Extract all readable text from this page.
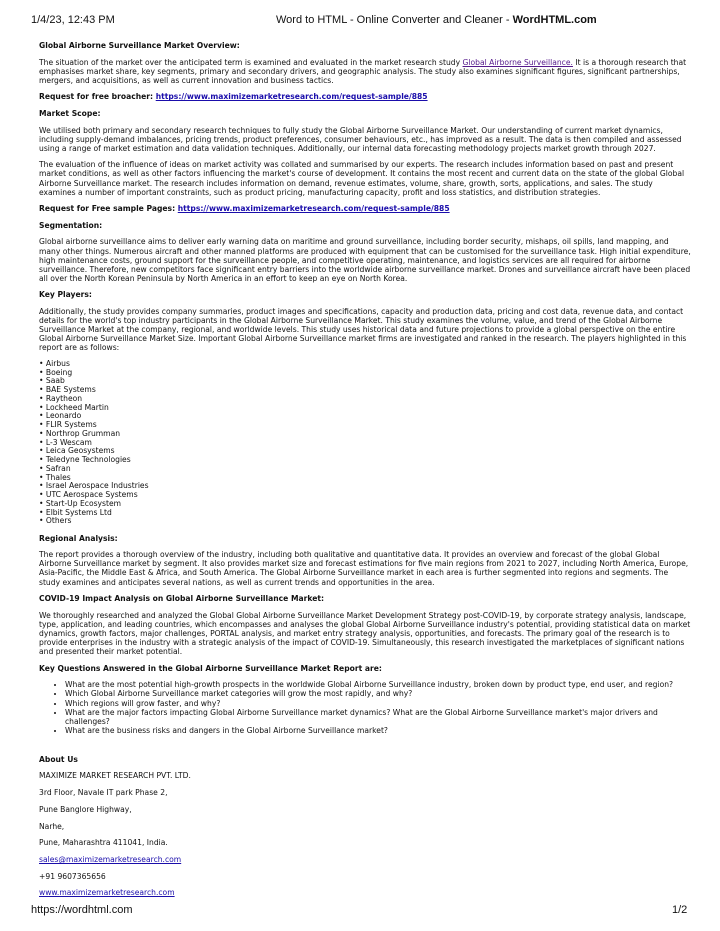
1/4/23, 12:43 PM	Word to HTML - Online Converter and Cleaner - WordHTML.com
Global Airborne Surveillance Market Overview:

The situation of the market over the anticipated term is examined and evaluated in the market research study Global Airborne Surveillance. It is a thorough research that emphasises market share, key segments, primary and secondary drivers, and geographic analysis. The study also examines significant figures, significant partnerships, mergers, and acquisitions, as well as current innovation and business tactics.

Request for free broacher: https://www.maximizemarketresearch.com/request-sample/885

Market Scope:

We utilised both primary and secondary research techniques to fully study the Global Airborne Surveillance Market. Our understanding of current market dynamics, including supply-demand imbalances, pricing trends, product preferences, consumer behaviours, etc., has improved as a result. The data is then compiled and assessed using a range of market estimation and data validation techniques. Additionally, our internal data forecasting methodology projects market growth through 2027.

The evaluation of the influence of ideas on market activity was collated and summarised by our experts. The research includes information based on past and present market conditions, as well as other factors influencing the market's course of development. It contains the most recent and current data on the state of the global Global Airborne Surveillance market. The research includes information on demand, revenue estimates, volume, share, growth, sorts, applications, and sales. The study examines a number of important constraints, such as product pricing, manufacturing capacity, profit and loss statistics, and distribution strategies.

Request for Free sample Pages: https://www.maximizemarketresearch.com/request-sample/885

Segmentation:

Global airborne surveillance aims to deliver early warning data on maritime and ground surveillance, including border security, mishaps, oil spills, land mapping, and many other things. Numerous aircraft and other manned platforms are produced with equipment that can be customised for the surveillance task. High initial expenditure, high maintenance costs, ground support for the surveillance people, and competitive operating, maintenance, and logistics services are all required for airborne surveillance. Therefore, new competitors face significant entry barriers into the worldwide airborne surveillance market. Drones and surveillance aircraft have been placed all over the North Korean Peninsula by North America in an effort to keep an eye on North Korea.

Key Players:

Additionally, the study provides company summaries, product images and specifications, capacity and production data, pricing and cost data, revenue data, and contact details for the world's top industry participants in the Global Airborne Surveillance Market. This study examines the volume, value, and trend of the Global Airborne Surveillance Market at the company, regional, and worldwide levels. This study uses historical data and future projections to provide a global perspective on the entire Global Airborne Surveillance Market Size. Important Global Airborne Surveillance market firms are investigated and ranked in the research. The players highlighted in this report are as follows:

• Airbus
• Boeing
• Saab
• BAE Systems
• Raytheon
• Lockheed Martin
• Leonardo
• FLIR Systems
• Northrop Grumman
• L-3 Wescam
• Leica Geosystems
• Teledyne Technologies
• Safran
• Thales
• Israel Aerospace Industries
• UTC Aerospace Systems
• Start-Up Ecosystem
• Elbit Systems Ltd
• Others
Regional Analysis:

The report provides a thorough overview of the industry, including both qualitative and quantitative data. It provides an overview and forecast of the global Global Airborne Surveillance market by segment. It also provides market size and forecast estimations for five main regions from 2021 to 2027, including North America, Europe, Asia-Pacific, the Middle East & Africa, and South America. The Global Airborne Surveillance market in each area is further segmented into regions and segments. The study examines and anticipates several nations, as well as current trends and opportunities in the area.

COVID-19 Impact Analysis on Global Airborne Surveillance Market:

We thoroughly researched and analyzed the Global Global Airborne Surveillance Market Development Strategy post-COVID-19, by corporate strategy analysis, landscape, type, application, and leading countries, which encompasses and analyses the global Global Airborne Surveillance industry's potential, providing statistical data on market dynamics, growth factors, major challenges, PORTAL analysis, and market entry strategy analysis, opportunities, and forecasts. The primary goal of the research is to provide enterprises in the industry with a strategic analysis of the impact of COVID-19. Simultaneously, this research investigated the marketplaces of significant nations and presented their market potential.

Key Questions Answered in the Global Airborne Surveillance Market Report are:
• What are the most potential high-growth prospects in the worldwide Global Airborne Surveillance industry, broken down by product type, end user, and region?
• Which Global Airborne Surveillance market categories will grow the most rapidly, and why?
• Which regions will grow faster, and why?
• What are the major factors impacting Global Airborne Surveillance market dynamics? What are the Global Airborne Surveillance market's major drivers and challenges?
• What are the business risks and dangers in the Global Airborne Surveillance market?
About Us

MAXIMIZE MARKET RESEARCH PVT. LTD.

3rd Floor, Navale IT park Phase 2,

Pune Banglore Highway,

Narhe,

Pune, Maharashtra 411041, India.

sales@maximizemarketresearch.com

+91 9607365656

www.maximizemarketresearch.com

https://wordhtml.com	1/2
